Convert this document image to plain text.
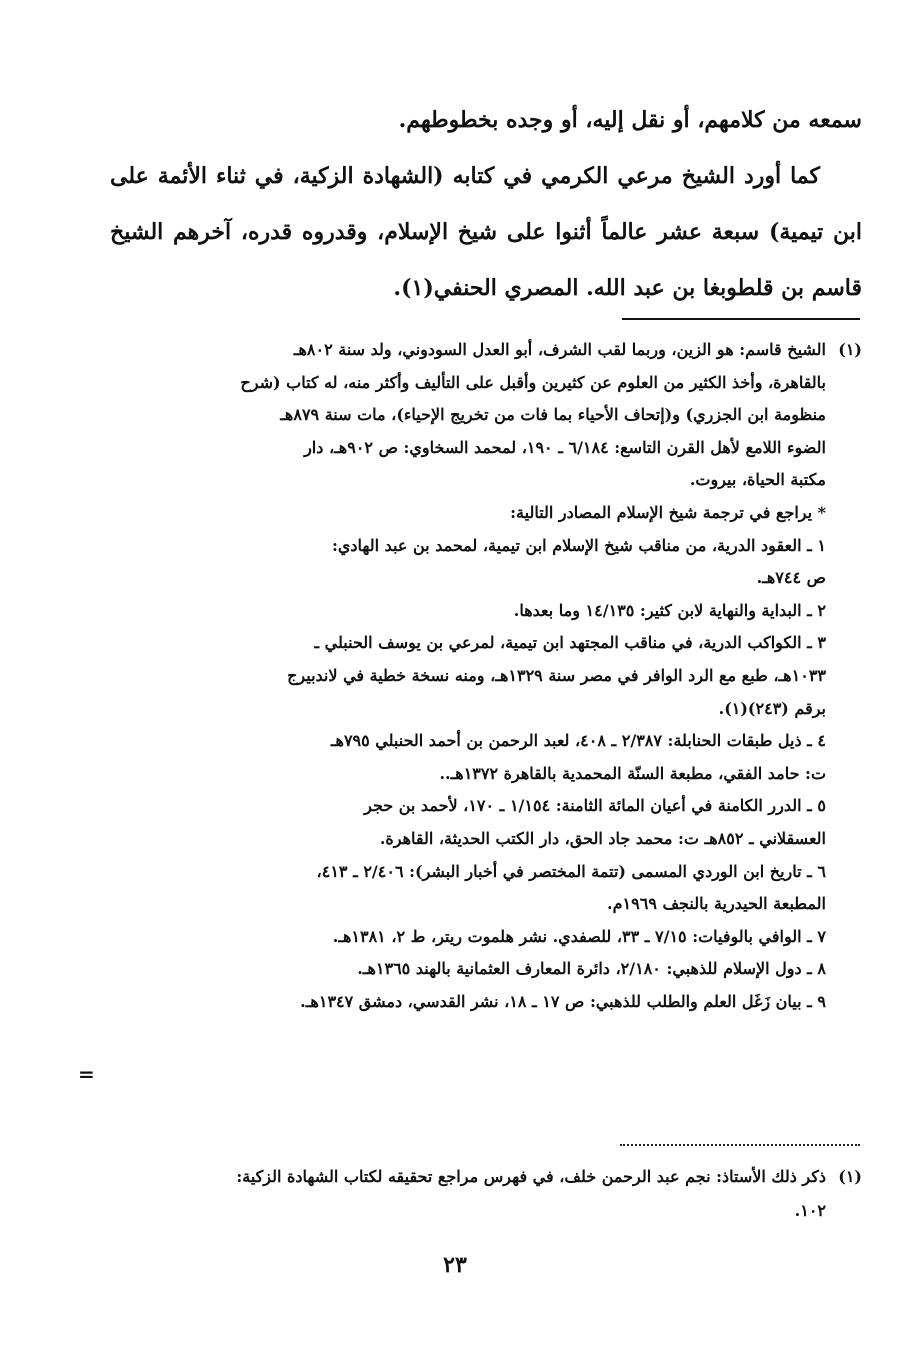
سمعه من كلامهم، أو نقل إليه، أو وجده بخطوطهم.

كما أورد الشيخ مرعي الكرمي في كتابه (الشهادة الزكية، في ثناء الأئمة على ابن تيمية) سبعة عشر عالماً أثنوا على شيخ الإسلام، وقدروه قدره، آخرهم الشيخ قاسم بن قلطوبغا بن عبد الله. المصري الحنفي(١).

(١)
الشيخ قاسم: هو الزين، وربما لقب الشرف، أبو العدل السودوني، ولد سنة ٨٠٢هـ
بالقاهرة، وأخذ الكثير من العلوم عن كثيرين وأقبل على التأليف وأكثر منه، له كتاب (شرح
منظومة ابن الجزري) و(إتحاف الأحياء بما فات من تخريج الإحياء)، مات سنة ٨٧٩هـ
الضوء اللامع لأهل القرن التاسع: ٦/١٨٤ ـ ١٩٠، لمحمد السخاوي: ص ٩٠٢هـ، دار
مكتبة الحياة، بيروت.
* يراجع في ترجمة شيخ الإسلام المصادر التالية:
١ ـ العقود الدرية، من مناقب شيخ الإسلام ابن تيمية، لمحمد بن عبد الهادي:
ص ٧٤٤هـ.
٢ ـ البداية والنهاية لابن كثير: ١٤/١٣٥ وما بعدها.
٣ ـ الكواكب الدرية، في مناقب المجتهد ابن تيمية، لمرعي بن يوسف الحنبلي ـ
١٠٣٣هـ، طبع مع الرد الوافر في مصر سنة ١٣٢٩هـ، ومنه نسخة خطية في لاندبيرج
برقم (٢٤٣)(١).
٤ ـ ذيل طبقات الحنابلة: ٢/٣٨٧ ـ ٤٠٨، لعبد الرحمن بن أحمد الحنبلي ٧٩٥هـ
ت: حامد الفقي، مطبعة السنّة المحمدية بالقاهرة ١٣٧٢هـ..
٥ ـ الدرر الكامنة في أعيان المائة الثامنة: ١/١٥٤ ـ ١٧٠، لأحمد بن حجر
العسقلاني ـ ٨٥٢هـ ت: محمد جاد الحق، دار الكتب الحديثة، القاهرة.
٦ ـ تاريخ ابن الوردي المسمى (تتمة المختصر في أخبار البشر): ٢/٤٠٦ ـ ٤١٣،
المطبعة الحيدرية بالنجف ١٩٦٩م.
٧ ـ الوافي بالوفيات: ٧/١٥ ـ ٣٣، للصفدي. نشر هلموت ريتر، ط ٢، ١٣٨١هـ.
٨ ـ دول الإسلام للذهبي: ٢/١٨٠، دائرة المعارف العثمانية بالهند ١٣٦٥هـ.
٩ ـ بيان زَغَل العلم والطلب للذهبي: ص ١٧ ـ ١٨، نشر القدسي، دمشق ١٣٤٧هـ.
=
(١)
ذكر ذلك الأستاذ: نجم عبد الرحمن خلف، في فهرس مراجع تحقيقه لكتاب الشهادة الزكية:
١٠٢.
٢٣
